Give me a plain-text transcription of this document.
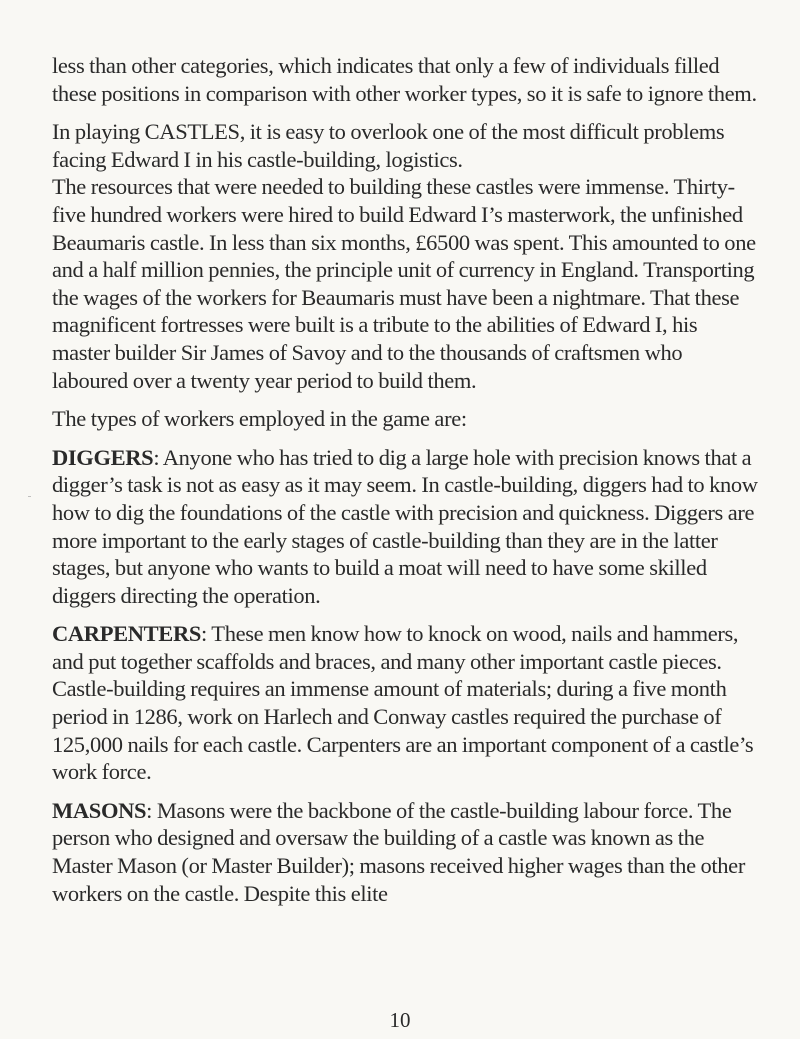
less than other categories, which indicates that only a few of individuals filled these positions in comparison with other worker types, so it is safe to ignore them.

In playing CASTLES, it is easy to overlook one of the most difficult problems facing Edward I in his castle-building, logistics.

The resources that were needed to building these castles were immense. Thirty-five hundred workers were hired to build Edward I’s masterwork, the unfinished Beaumaris castle. In less than six months, £6500 was spent. This amounted to one and a half million pennies, the principle unit of currency in England. Transporting the wages of the workers for Beaumaris must have been a nightmare. That these magnificent fortresses were built is a tribute to the abilities of Edward I, his master builder Sir James of Savoy and to the thousands of craftsmen who laboured over a twenty year period to build them.

The types of workers employed in the game are:

DIGGERS: Anyone who has tried to dig a large hole with precision knows that a digger’s task is not as easy as it may seem. In castle-building, diggers had to know how to dig the foundations of the castle with precision and quickness. Diggers are more important to the early stages of castle-building than they are in the latter stages, but anyone who wants to build a moat will need to have some skilled diggers directing the operation.

CARPENTERS: These men know how to knock on wood, nails and hammers, and put together scaffolds and braces, and many other important castle pieces. Castle-building requires an immense amount of materials; during a five month period in 1286, work on Harlech and Conway castles required the purchase of 125,000 nails for each castle. Carpenters are an important component of a castle’s work force.

MASONS: Masons were the backbone of the castle-building labour force. The person who designed and oversaw the building of a castle was known as the Master Mason (or Master Builder); masons received higher wages than the other workers on the castle. Despite this elite

10
